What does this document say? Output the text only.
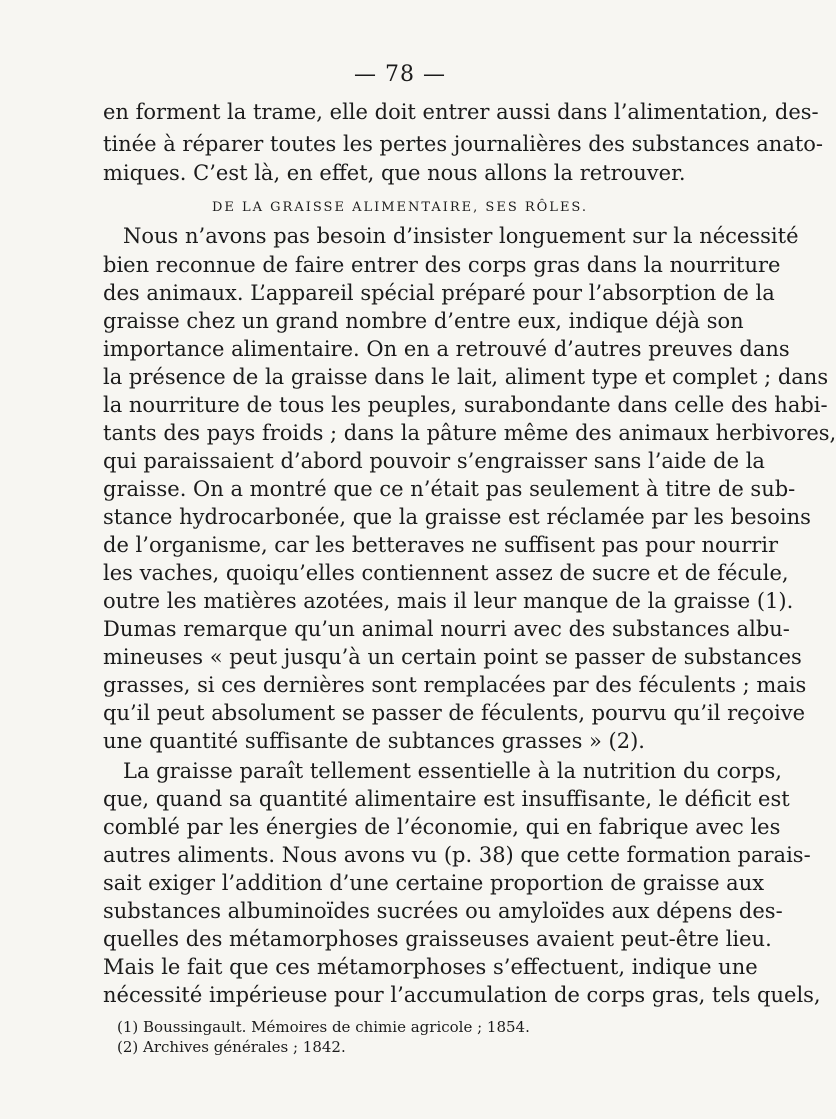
— 78 —

en forment la trame, elle doit entrer aussi dans l’alimentation, des-

tinée à réparer toutes les pertes journalières des substances anato-

miques. C’est là, en effet, que nous allons la retrouver.

DE LA GRAISSE ALIMENTAIRE, SES RÔLES.

Nous n’avons pas besoin d’insister longuement sur la nécessité

bien reconnue de faire entrer des corps gras dans la nourriture

des animaux. L’appareil spécial préparé pour l’absorption de la

graisse chez un grand nombre d’entre eux, indique déjà son

importance alimentaire. On en a retrouvé d’autres preuves dans

la présence de la graisse dans le lait, aliment type et complet ; dans

la nourriture de tous les peuples, surabondante dans celle des habi-

tants des pays froids ; dans la pâture même des animaux herbivores,

qui paraissaient d’abord pouvoir s’engraisser sans l’aide de la

graisse. On a montré que ce n’était pas seulement à titre de sub-

stance hydrocarbonée, que la graisse est réclamée par les besoins

de l’organisme, car les betteraves ne suffisent pas pour nourrir

les vaches, quoiqu’elles contiennent assez de sucre et de fécule,

outre les matières azotées, mais il leur manque de la graisse (1).

Dumas remarque qu’un animal nourri avec des substances albu-

mineuses « peut jusqu’à un certain point se passer de substances

grasses, si ces dernières sont remplacées par des féculents ; mais

qu’il peut absolument se passer de féculents, pourvu qu’il reçoive

une quantité suffisante de subtances grasses » (2).

La graisse paraît tellement essentielle à la nutrition du corps,

que, quand sa quantité alimentaire est insuffisante, le déficit est

comblé par les énergies de l’économie, qui en fabrique avec les

autres aliments. Nous avons vu (p. 38) que cette formation parais-

sait exiger l’addition d’une certaine proportion de graisse aux

substances albuminoïdes sucrées ou amyloïdes aux dépens des-

quelles des métamorphoses graisseuses avaient peut-être lieu.

Mais le fait que ces métamorphoses s’effectuent, indique une

nécessité impérieuse pour l’accumulation de corps gras, tels quels,

(1) Boussingault. Mémoires de chimie agricole ; 1854.
(2) Archives générales ; 1842.
